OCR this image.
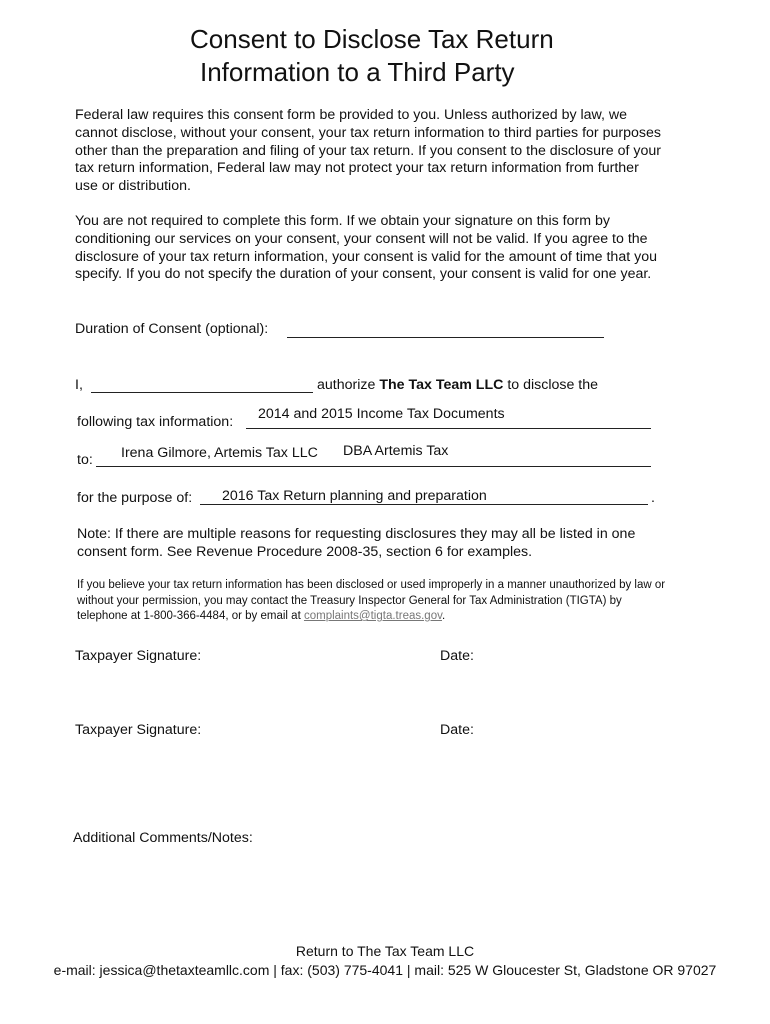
Consent to Disclose Tax Return
Information to a Third Party
Federal law requires this consent form be provided to you. Unless authorized by law, we cannot disclose, without your consent, your tax return information to third parties for purposes other than the preparation and filing of your tax return. If you consent to the disclosure of your tax return information, Federal law may not protect your tax return information from further use or distribution.
You are not required to complete this form. If we obtain your signature on this form by conditioning our services on your consent, your consent will not be valid. If you agree to the disclosure of your tax return information, your consent is valid for the amount of time that you specify. If you do not specify the duration of your consent, your consent is valid for one year.
Duration of Consent (optional):
I,	authorize The Tax Team LLC to disclose the
following tax information: 2014 and 2015 Income Tax Documents
to: Irena Gilmore, Artemis Tax LLC DBA Artemis Tax
for the purpose of: 2016 Tax Return planning and preparation	.
Note: If there are multiple reasons for requesting disclosures they may all be listed in one consent form. See Revenue Procedure 2008-35, section 6 for examples.
If you believe your tax return information has been disclosed or used improperly in a manner unauthorized by law or without your permission, you may contact the Treasury Inspector General for Tax Administration (TIGTA) by telephone at 1-800-366-4484, or by email at complaints@tigta.treas.gov.
Taxpayer Signature:	Date:
Taxpayer Signature:	Date:
Additional Comments/Notes:
Return to The Tax Team LLC
e-mail: jessica@thetaxteamllc.com | fax: (503) 775-4041 | mail: 525 W Gloucester St, Gladstone OR 97027
